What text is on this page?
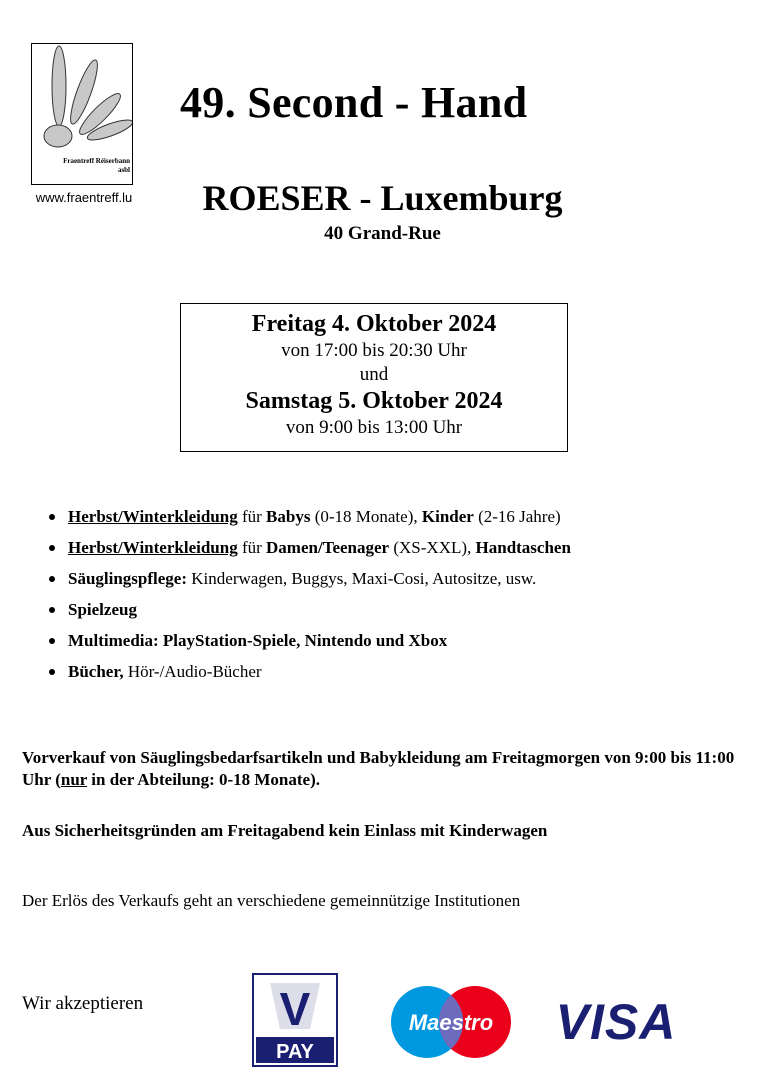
Fraentreff Réiserbann
asbl
www.fraentreff.lu
49. Second - Hand
ROESER - Luxemburg
40 Grand-Rue
Freitag 4. Oktober 2024
von 17:00 bis 20:30 Uhr
und
Samstag 5. Oktober 2024
von 9:00 bis 13:00 Uhr
Herbst/Winterkleidung für Babys (0-18 Monate), Kinder (2-16 Jahre)
Herbst/Winterkleidung für Damen/Teenager (XS-XXL), Handtaschen
Säuglingspflege: Kinderwagen, Buggys, Maxi-Cosi, Autositze, usw.
Spielzeug
Multimedia: PlayStation-Spiele, Nintendo und Xbox
Bücher, Hör-/Audio-Bücher

Vorverkauf von Säuglingsbedarfsartikeln und Babykleidung am Freitagmorgen von 9:00 bis 11:00 Uhr (nur in der Abteilung: 0-18 Monate).

Aus Sicherheitsgründen am Freitagabend kein Einlass mit Kinderwagen

Der Erlös des Verkaufs geht an verschiedene gemeinnützige Institutionen

Wir akzeptieren	V
PAY
Maestro VISA
